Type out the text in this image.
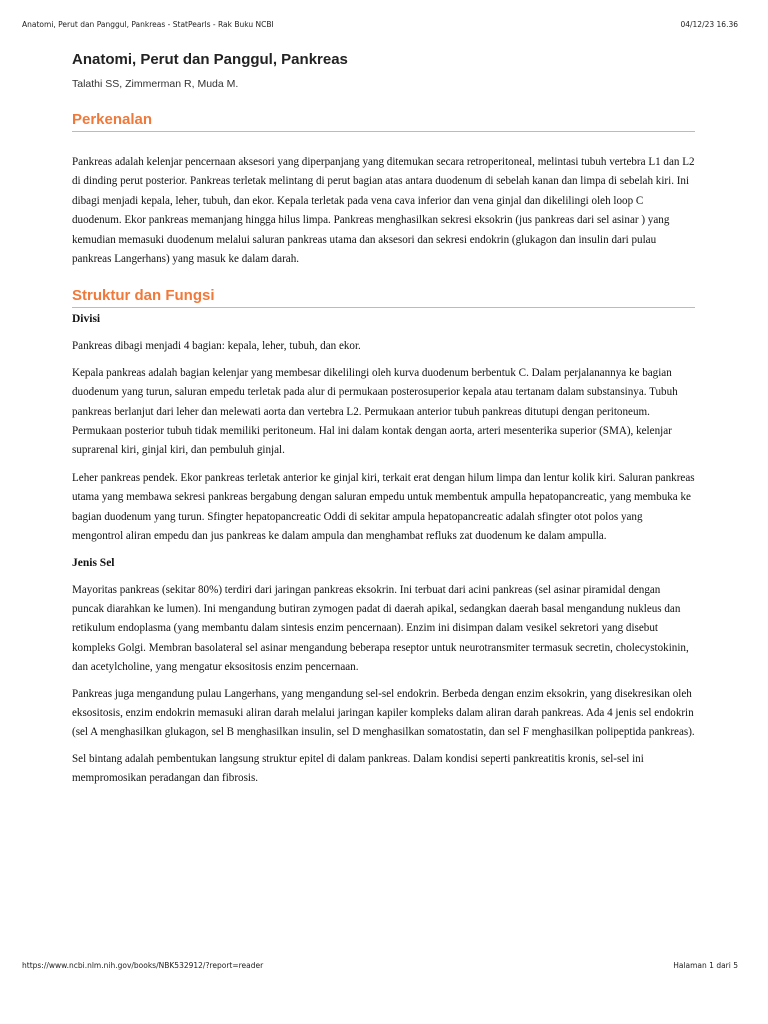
Anatomi, Perut dan Panggul, Pankreas - StatPearls - Rak Buku NCBI	04/12/23 16.36
Anatomi, Perut dan Panggul, Pankreas
Talathi SS, Zimmerman R, Muda M.
Perkenalan

Pankreas adalah kelenjar pencernaan aksesori yang diperpanjang yang ditemukan secara retroperitoneal, melintasi tubuh vertebra L1 dan L2 di dinding perut posterior. Pankreas terletak melintang di perut bagian atas antara duodenum di sebelah kanan dan limpa di sebelah kiri. Ini dibagi menjadi kepala, leher, tubuh, dan ekor. Kepala terletak pada vena cava inferior dan vena ginjal dan dikelilingi oleh loop C duodenum. Ekor pankreas memanjang hingga hilus limpa. Pankreas menghasilkan sekresi eksokrin (jus pankreas dari sel asinar ) yang kemudian memasuki duodenum melalui saluran pankreas utama dan aksesori dan sekresi endokrin (glukagon dan insulin dari pulau pankreas Langerhans) yang masuk ke dalam darah.

Struktur dan Fungsi
Divisi

Pankreas dibagi menjadi 4 bagian: kepala, leher, tubuh, dan ekor.

Kepala pankreas adalah bagian kelenjar yang membesar dikelilingi oleh kurva duodenum berbentuk C. Dalam perjalanannya ke bagian duodenum yang turun, saluran empedu terletak pada alur di permukaan posterosuperior kepala atau tertanam dalam substansinya. Tubuh pankreas berlanjut dari leher dan melewati aorta dan vertebra L2. Permukaan anterior tubuh pankreas ditutupi dengan peritoneum. Permukaan posterior tubuh tidak memiliki peritoneum. Hal ini dalam kontak dengan aorta, arteri mesenterika superior (SMA), kelenjar suprarenal kiri, ginjal kiri, dan pembuluh ginjal.

Leher pankreas pendek. Ekor pankreas terletak anterior ke ginjal kiri, terkait erat dengan hilum limpa dan lentur kolik kiri. Saluran pankreas utama yang membawa sekresi pankreas bergabung dengan saluran empedu untuk membentuk ampulla hepatopancreatic, yang membuka ke bagian duodenum yang turun. Sfingter hepatopancreatic Oddi di sekitar ampula hepatopancreatic adalah sfingter otot polos yang mengontrol aliran empedu dan jus pankreas ke dalam ampula dan menghambat refluks zat duodenum ke dalam ampulla.

Jenis Sel

Mayoritas pankreas (sekitar 80%) terdiri dari jaringan pankreas eksokrin. Ini terbuat dari acini pankreas (sel asinar piramidal dengan puncak diarahkan ke lumen). Ini mengandung butiran zymogen padat di daerah apikal, sedangkan daerah basal mengandung nukleus dan retikulum endoplasma (yang membantu dalam sintesis enzim pencernaan). Enzim ini disimpan dalam vesikel sekretori yang disebut kompleks Golgi. Membran basolateral sel asinar mengandung beberapa reseptor untuk neurotransmiter termasuk secretin, cholecystokinin, dan acetylcholine, yang mengatur eksositosis enzim pencernaan.

Pankreas juga mengandung pulau Langerhans, yang mengandung sel-sel endokrin. Berbeda dengan enzim eksokrin, yang disekresikan oleh eksositosis, enzim endokrin memasuki aliran darah melalui jaringan kapiler kompleks dalam aliran darah pankreas. Ada 4 jenis sel endokrin (sel A menghasilkan glukagon, sel B menghasilkan insulin, sel D menghasilkan somatostatin, dan sel F menghasilkan polipeptida pankreas).

Sel bintang adalah pembentukan langsung struktur epitel di dalam pankreas. Dalam kondisi seperti pankreatitis kronis, sel-sel ini mempromosikan peradangan dan fibrosis.

https://www.ncbi.nlm.nih.gov/books/NBK532912/?report=reader	Halaman 1 dari 5
